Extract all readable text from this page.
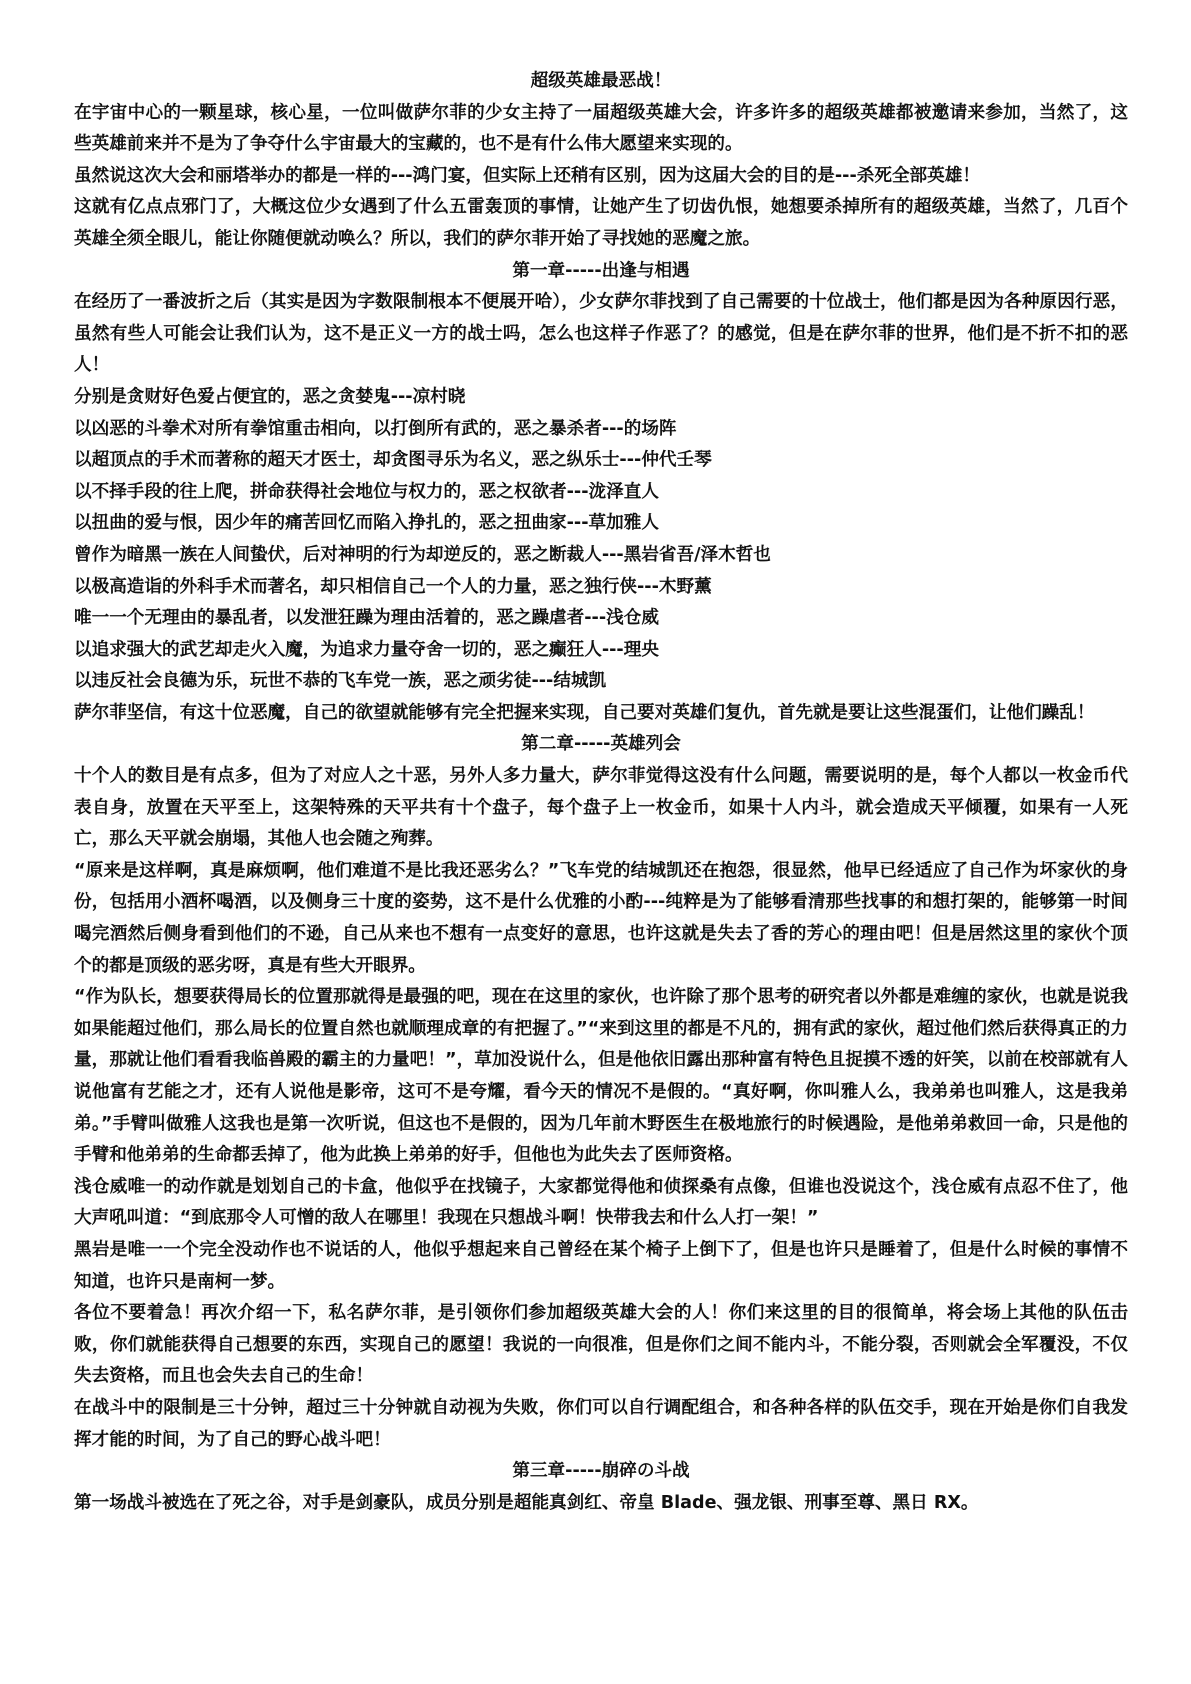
超级英雄最恶战！

在宇宙中心的一颗星球，核心星，一位叫做萨尔菲的少女主持了一届超级英雄大会，许多许多的超级英雄都被邀请来参加，当然了，这些英雄前来并不是为了争夺什么宇宙最大的宝藏的，也不是有什么伟大愿望来实现的。

虽然说这次大会和丽塔举办的都是一样的---鸿门宴，但实际上还稍有区别，因为这届大会的目的是---杀死全部英雄！

这就有亿点点邪门了，大概这位少女遇到了什么五雷轰顶的事情，让她产生了切齿仇恨，她想要杀掉所有的超级英雄，当然了，几百个英雄全须全眼儿，能让你随便就动唤么？所以，我们的萨尔菲开始了寻找她的恶魔之旅。

第一章-----出逢与相遇

在经历了一番波折之后（其实是因为字数限制根本不便展开哈），少女萨尔菲找到了自己需要的十位战士，他们都是因为各种原因行恶，虽然有些人可能会让我们认为，这不是正义一方的战士吗，怎么也这样子作恶了？的感觉，但是在萨尔菲的世界，他们是不折不扣的恶人！

分别是贪财好色爱占便宜的，恶之贪婪鬼---凉村晓

以凶恶的斗拳术对所有拳馆重击相向，以打倒所有武的，恶之暴杀者---的场阵

以超顶点的手术而著称的超天才医士，却贪图寻乐为名义，恶之纵乐士---仲代壬琴

以不择手段的往上爬，拼命获得社会地位与权力的，恶之权欲者---泷泽直人

以扭曲的爱与恨，因少年的痛苦回忆而陷入挣扎的，恶之扭曲家---草加雅人

曾作为暗黑一族在人间蛰伏，后对神明的行为却逆反的，恶之断裁人---黑岩省吾/泽木哲也

以极高造诣的外科手术而著名，却只相信自己一个人的力量，恶之独行侠---木野薰

唯一一个无理由的暴乱者，以发泄狂躁为理由活着的，恶之躁虐者---浅仓威

以追求强大的武艺却走火入魔，为追求力量夺舍一切的，恶之癫狂人---理央

以违反社会良德为乐，玩世不恭的飞车党一族，恶之顽劣徒---结城凯

萨尔菲坚信，有这十位恶魔，自己的欲望就能够有完全把握来实现，自己要对英雄们复仇，首先就是要让这些混蛋们，让他们躁乱！

第二章-----英雄列会

十个人的数目是有点多，但为了对应人之十恶，另外人多力量大，萨尔菲觉得这没有什么问题，需要说明的是，每个人都以一枚金币代表自身，放置在天平至上，这架特殊的天平共有十个盘子，每个盘子上一枚金币，如果十人内斗，就会造成天平倾覆，如果有一人死亡，那么天平就会崩塌，其他人也会随之殉葬。

“原来是这样啊，真是麻烦啊，他们难道不是比我还恶劣么？”飞车党的结城凯还在抱怨，很显然，他早已经适应了自己作为坏家伙的身份，包括用小酒杯喝酒，以及侧身三十度的姿势，这不是什么优雅的小酌---纯粹是为了能够看清那些找事的和想打架的，能够第一时间喝完酒然后侧身看到他们的不逊，自己从来也不想有一点变好的意思，也许这就是失去了香的芳心的理由吧！但是居然这里的家伙个顶个的都是顶级的恶劣呀，真是有些大开眼界。

“作为队长，想要获得局长的位置那就得是最强的吧，现在在这里的家伙，也许除了那个思考的研究者以外都是难缠的家伙，也就是说我如果能超过他们，那么局长的位置自然也就顺理成章的有把握了。”“来到这里的都是不凡的，拥有武的家伙，超过他们然后获得真正的力量，那就让他们看看我临兽殿的霸主的力量吧！”，草加没说什么，但是他依旧露出那种富有特色且捉摸不透的奸笑，以前在校部就有人说他富有艺能之才，还有人说他是影帝，这可不是夸耀，看今天的情况不是假的。“真好啊，你叫雅人么，我弟弟也叫雅人，这是我弟弟。”手臂叫做雅人这我也是第一次听说，但这也不是假的，因为几年前木野医生在极地旅行的时候遇险，是他弟弟救回一命，只是他的手臂和他弟弟的生命都丢掉了，他为此换上弟弟的好手，但他也为此失去了医师资格。

浅仓威唯一的动作就是划划自己的卡盒，他似乎在找镜子，大家都觉得他和侦探桑有点像，但谁也没说这个，浅仓威有点忍不住了，他大声吼叫道：“到底那令人可憎的敌人在哪里！我现在只想战斗啊！快带我去和什么人打一架！”

黑岩是唯一一个完全没动作也不说话的人，他似乎想起来自己曾经在某个椅子上倒下了，但是也许只是睡着了，但是什么时候的事情不知道，也许只是南柯一梦。

各位不要着急！再次介绍一下，私名萨尔菲，是引领你们参加超级英雄大会的人！你们来这里的目的很简单，将会场上其他的队伍击败，你们就能获得自己想要的东西，实现自己的愿望！我说的一向很准，但是你们之间不能内斗，不能分裂，否则就会全军覆没，不仅失去资格，而且也会失去自己的生命！

在战斗中的限制是三十分钟，超过三十分钟就自动视为失败，你们可以自行调配组合，和各种各样的队伍交手，现在开始是你们自我发挥才能的时间，为了自己的野心战斗吧！

第三章-----崩碎の斗战

第一场战斗被选在了死之谷，对手是剑豪队，成员分别是超能真剑红、帝皇 Blade、强龙银、刑事至尊、黑日 RX。
